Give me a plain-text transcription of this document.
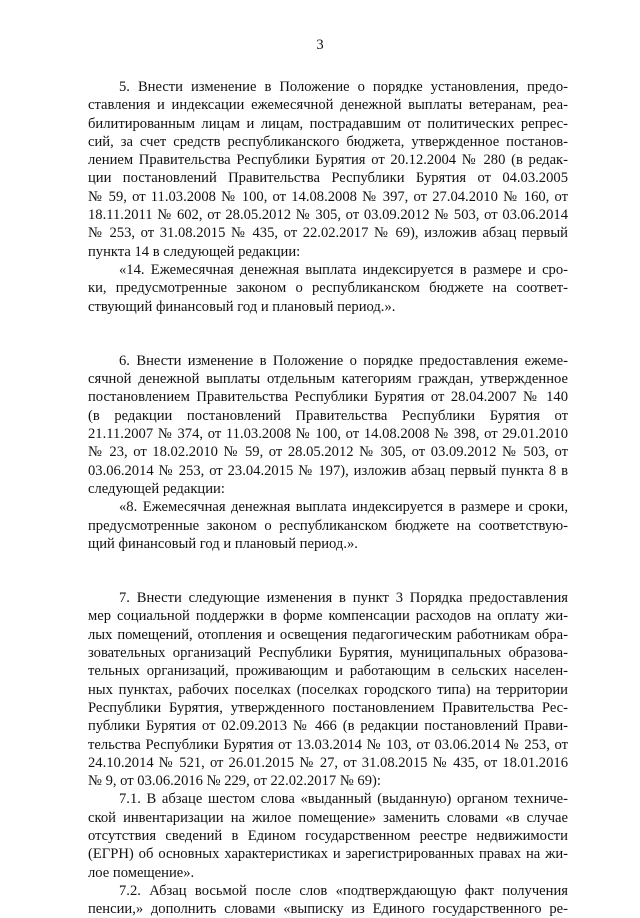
3

5. Внести изменение в Положение о порядке установления, предо-
ставления и индексации ежемесячной денежной выплаты ветеранам, реа-
билитированным лицам и лицам, пострадавшим от политических репрес-
сий, за счет средств республиканского бюджета, утвержденное постанов-
лением Правительства Республики Бурятия от 20.12.2004 № 280 (в редак-
ции постановлений Правительства Республики Бурятия от 04.03.2005
№ 59, от 11.03.2008 № 100, от 14.08.2008 № 397, от 27.04.2010 № 160, от
18.11.2011 № 602, от 28.05.2012 № 305, от 03.09.2012 № 503, от 03.06.2014
№ 253, от 31.08.2015 № 435, от 22.02.2017 № 69), изложив абзац первый
пункта 14 в следующей редакции:

«14. Ежемесячная денежная выплата индексируется в размере и сро-
ки, предусмотренные законом о республиканском бюджете на соответ-
ствующий финансовый год и плановый период.».

6. Внести изменение в Положение о порядке предоставления ежеме-
сячной денежной выплаты отдельным категориям граждан, утвержденное
постановлением Правительства Республики Бурятия от 28.04.2007 № 140
(в редакции постановлений Правительства Республики Бурятия от
21.11.2007 № 374, от 11.03.2008 № 100, от 14.08.2008 № 398, от 29.01.2010
№ 23, от 18.02.2010 № 59, от 28.05.2012 № 305, от 03.09.2012 № 503, от
03.06.2014 № 253, от 23.04.2015 № 197), изложив абзац первый пункта 8 в
следующей редакции:

«8. Ежемесячная денежная выплата индексируется в размере и сроки,
предусмотренные законом о республиканском бюджете на соответствую-
щий финансовый год и плановый период.».

7. Внести следующие изменения в пункт 3 Порядка предоставления
мер социальной поддержки в форме компенсации расходов на оплату жи-
лых помещений, отопления и освещения педагогическим работникам обра-
зовательных организаций Республики Бурятия, муниципальных образова-
тельных организаций, проживающим и работающим в сельских населен-
ных пунктах, рабочих поселках (поселках городского типа) на территории
Республики Бурятия, утвержденного постановлением Правительства Рес-
публики Бурятия от 02.09.2013 № 466 (в редакции постановлений Прави-
тельства Республики Бурятия от 13.03.2014 № 103, от 03.06.2014 № 253, от
24.10.2014 № 521, от 26.01.2015 № 27, от 31.08.2015 № 435, от 18.01.2016
№ 9, от 03.06.2016 № 229, от 22.02.2017 № 69):

7.1. В абзаце шестом слова «выданный (выданную) органом техниче-
ской инвентаризации на жилое помещение» заменить словами «в случае
отсутствия сведений в Едином государственном реестре недвижимости
(ЕГРН) об основных характеристиках и зарегистрированных правах на жи-
лое помещение».

7.2. Абзац восьмой после слов «подтверждающую факт получения
пенсии,» дополнить словами «выписку из Единого государственного ре-
